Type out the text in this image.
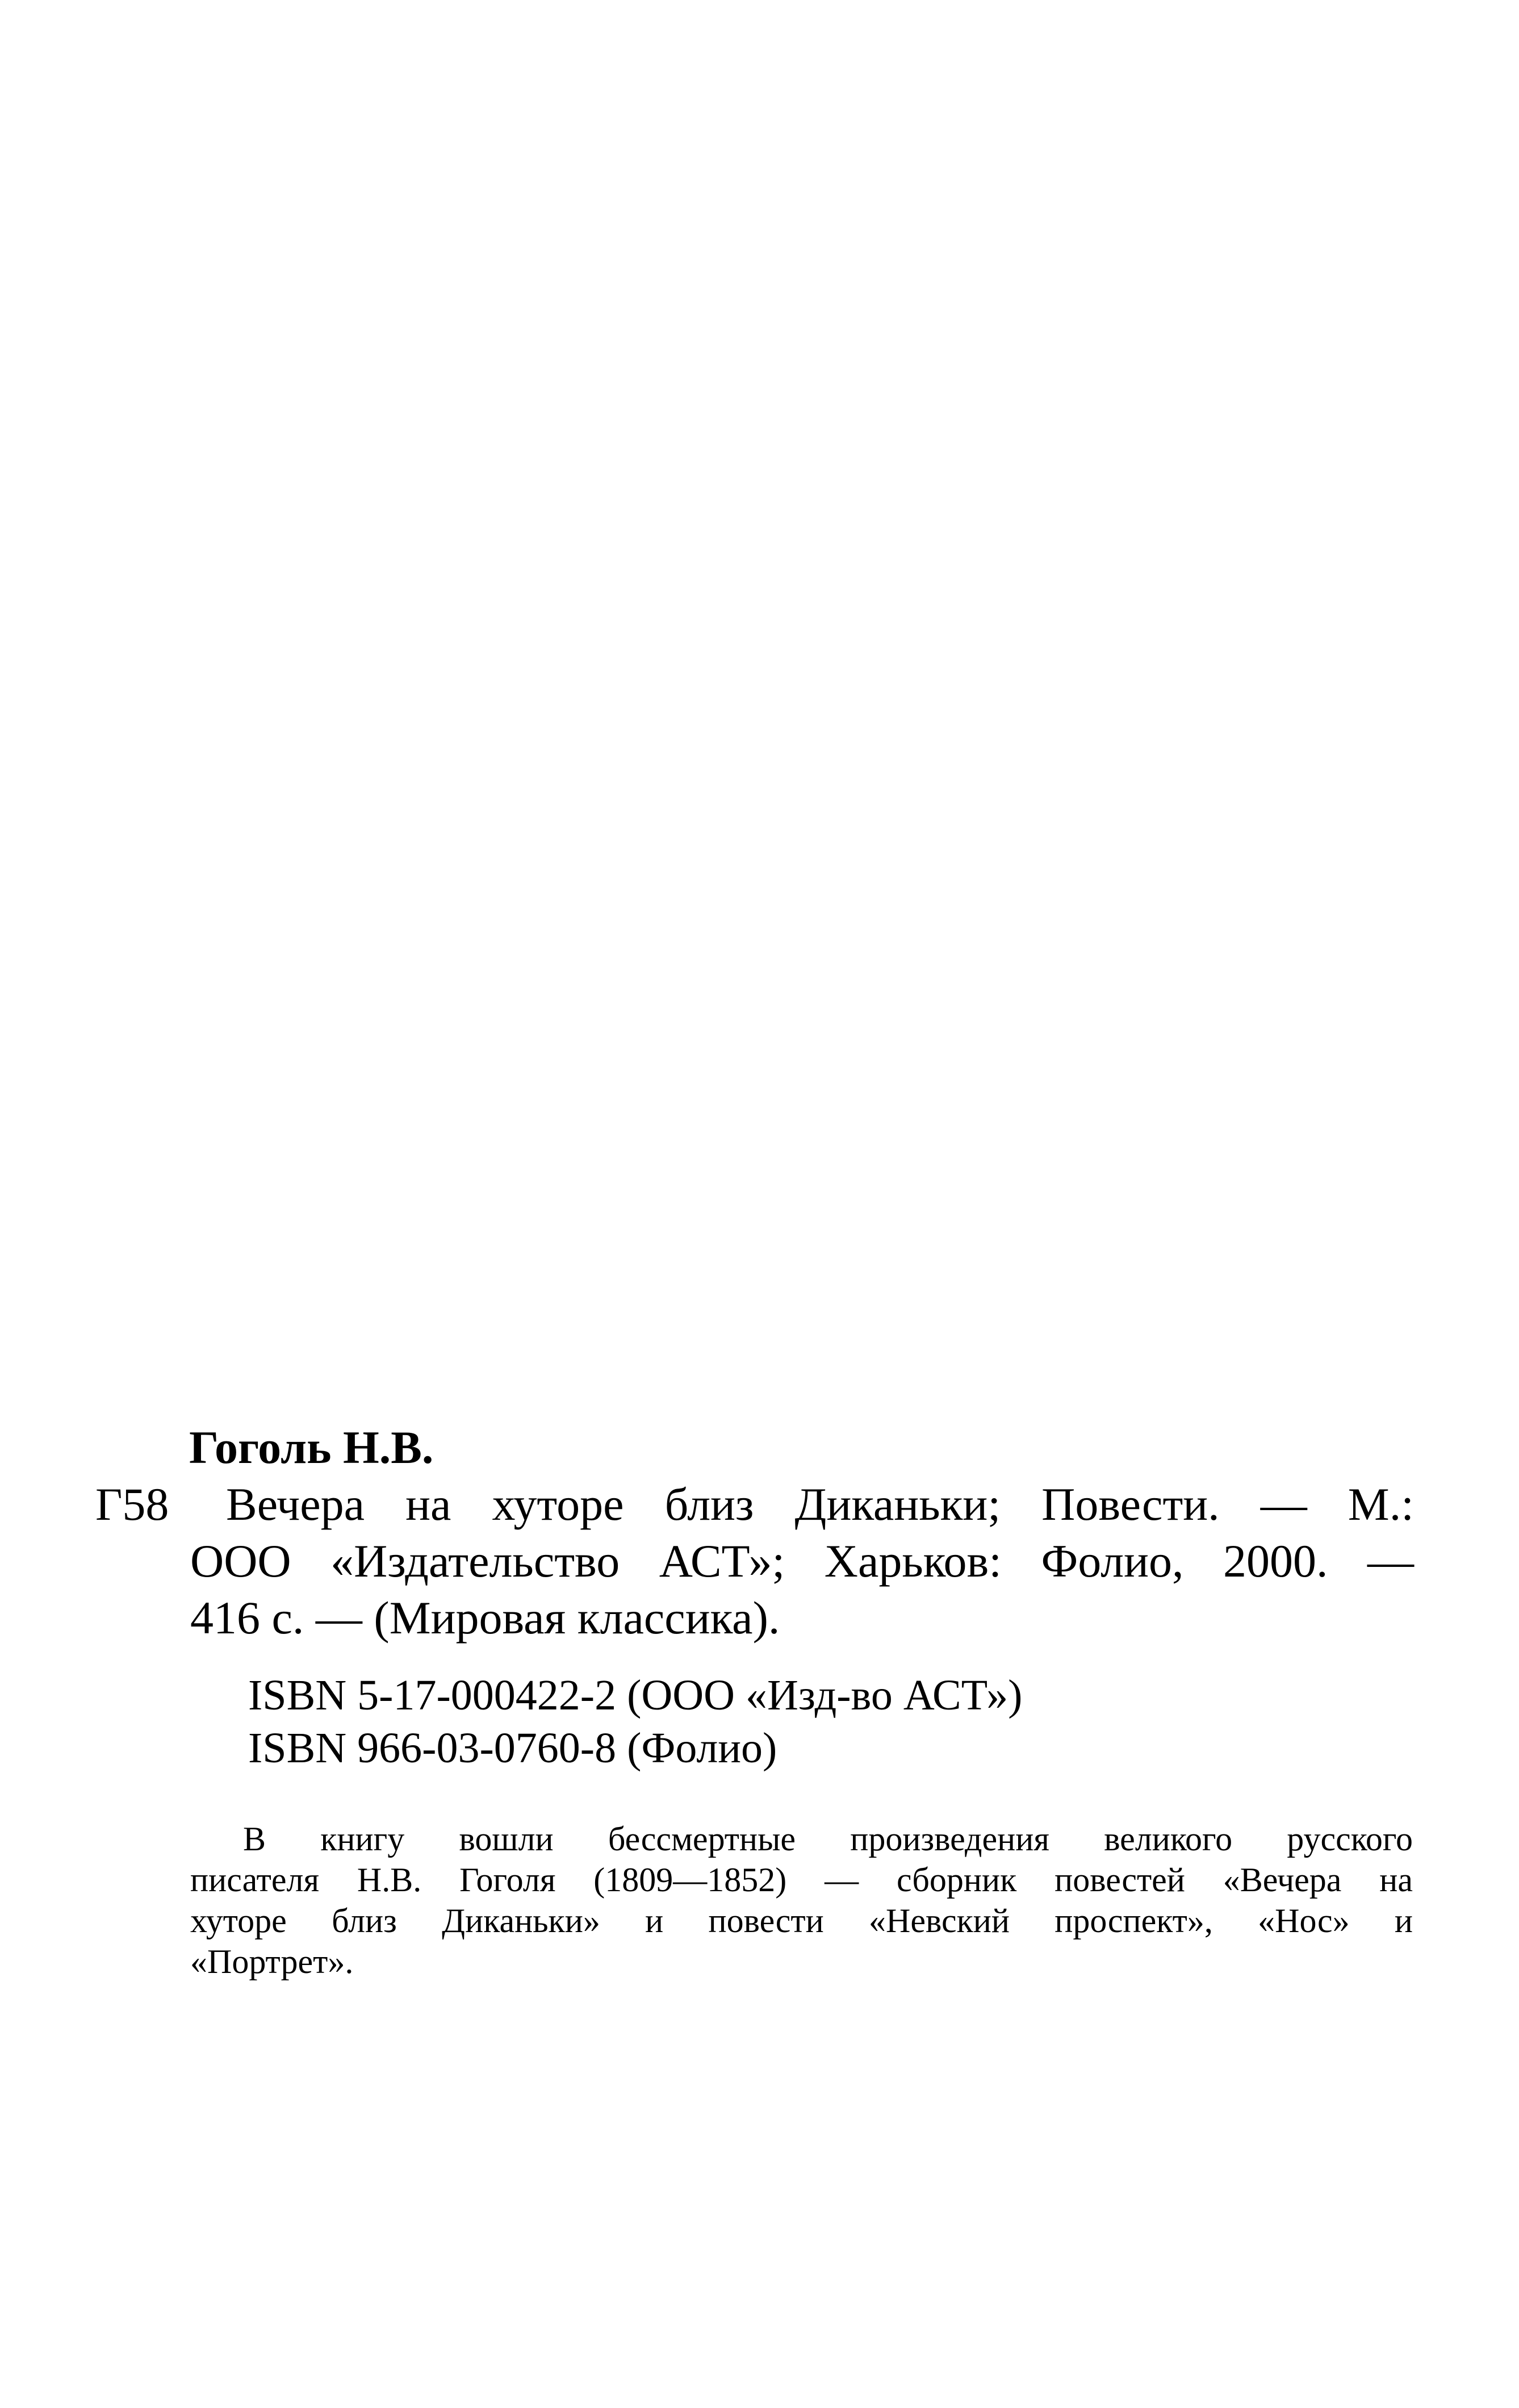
Гоголь Н.В.
Г58 Вечера на хуторе близ Диканьки; Повести. — М.:
ООО «Издательство АСТ»; Харьков: Фолио, 2000. —
416 с. — (Мировая классика).
ISBN 5-17-000422-2 (ООО «Изд-во АСТ»)
ISBN 966-03-0760-8 (Фолио)
В книгу вошли бессмертные произведения великого русского
писателя Н.В. Гоголя (1809—1852) — сборник повестей «Вечера на
хуторе близ Диканьки» и повести «Невский проспект», «Нос» и
«Портрет».
